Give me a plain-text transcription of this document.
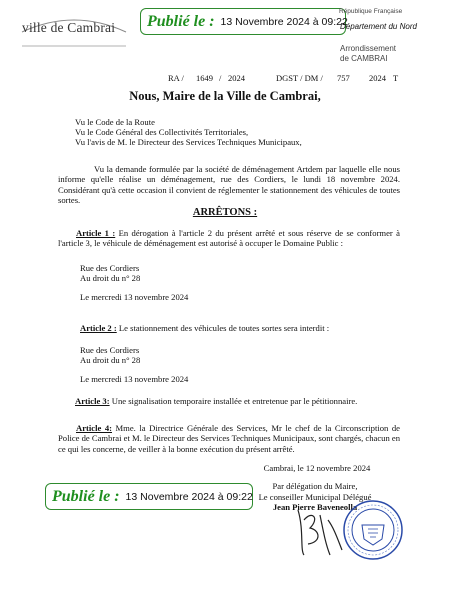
ville de Cambrai Publié le : 13 Novembre 2024 à 09:22
République Française
Département du Nord
Arrondissement
de CAMBRAI
RA / 1649 / 2024	DGST / DM / 757 2024 T
Nous, Maire de la Ville de Cambrai,
Vu le Code de la Route
Vu le Code Général des Collectivités Territoriales,
Vu l'avis de M. le Directeur des Services Techniques Municipaux,
Vu la demande formulée par la société de déménagement Artdem par laquelle elle nous informe qu'elle réalise un déménagement, rue des Cordiers, le lundi 18 novembre 2024. Considérant qu'à cette occasion il convient de réglementer le stationnement des véhicules de toutes sortes.
ARRÊTONS :
Article 1 : En dérogation à l'article 2 du présent arrêté et sous réserve de se conformer à l'article 3, le véhicule de déménagement est autorisé à occuper le Domaine Public :
Rue des Cordiers
Au droit du n° 28
Le mercredi 13 novembre 2024
Article 2 : Le stationnement des véhicules de toutes sortes sera interdit :
Rue des Cordiers
Au droit du n° 28
Le mercredi 13 novembre 2024
Article 3: Une signalisation temporaire installée et entretenue par le pétitionnaire.
Article 4: Mme. la Directrice Générale des Services, Mr le chef de la Circonscription de Police de Cambrai et M. le Directeur des Services Techniques Municipaux, sont chargés, chacun en ce qui les concerne, de veiller à la bonne exécution du présent arrêté.
Cambrai, le 12 novembre 2024
Par délégation du Maire,
Le conseiller Municipal Délégué
Jean Pierre Baveneolla
Publié le : 13 Novembre 2024 à 09:22
